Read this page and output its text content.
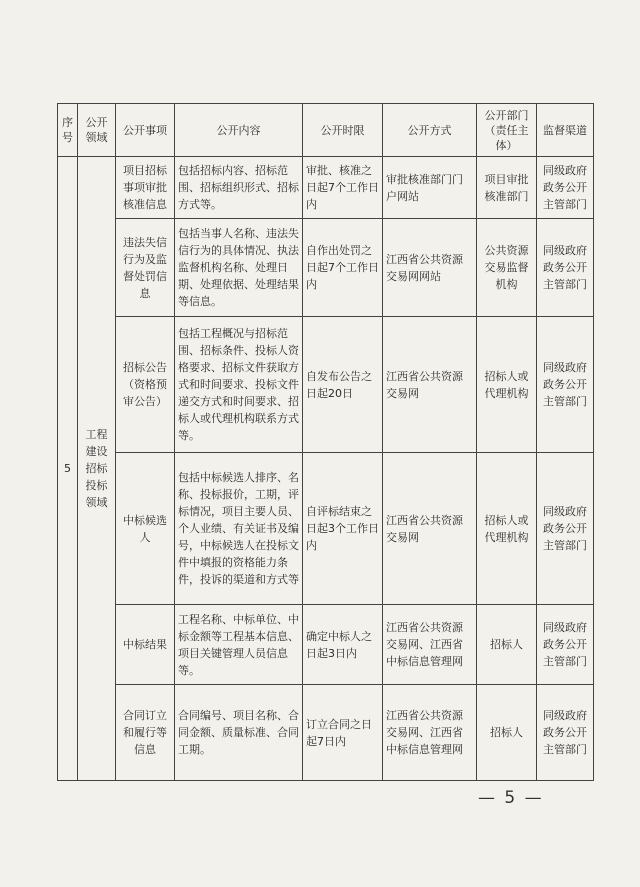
序号	公开领域	公开事项	公开内容	公开时限	公开方式	公开部门（责任主体）	监督渠道
5	工程建设招标投标领域	项目招标事项审批核准信息	包括招标内容、招标范围、招标组织形式、招标方式等。	审批、核准之日起7个工作日内	审批核准部门门户网站	项目审批核准部门	同级政府政务公开主管部门
		违法失信行为及监督处罚信息	包括当事人名称、违法失信行为的具体情况、执法监督机构名称、处理日期、处理依据、处理结果等信息。	自作出处罚之日起7个工作日内	江西省公共资源交易网网站	公共资源交易监督机构	同级政府政务公开主管部门
		招标公告（资格预审公告）	包括工程概况与招标范围、招标条件、投标人资格要求、招标文件获取方式和时间要求、投标文件递交方式和时间要求、招标人或代理机构联系方式等。	自发布公告之日起20日	江西省公共资源交易网	招标人或代理机构	同级政府政务公开主管部门
		中标候选人	包括中标候选人排序、名称、投标报价，工期，评标情况，项目主要人员、个人业绩、有关证书及编号，中标候选人在投标文件中填报的资格能力条件，投诉的渠道和方式等	自评标结束之日起3个工作日内	江西省公共资源交易网	招标人或代理机构	同级政府政务公开主管部门
		中标结果	工程名称、中标单位、中标金额等工程基本信息、项目关键管理人员信息等。	确定中标人之日起3日内	江西省公共资源交易网、江西省中标信息管理网	招标人	同级政府政务公开主管部门
		合同订立和履行等信息	合同编号、项目名称、合同金额、质量标准、合同工期。	订立合同之日起7日内	江西省公共资源交易网、江西省中标信息管理网	招标人	同级政府政务公开主管部门
— 5 —
